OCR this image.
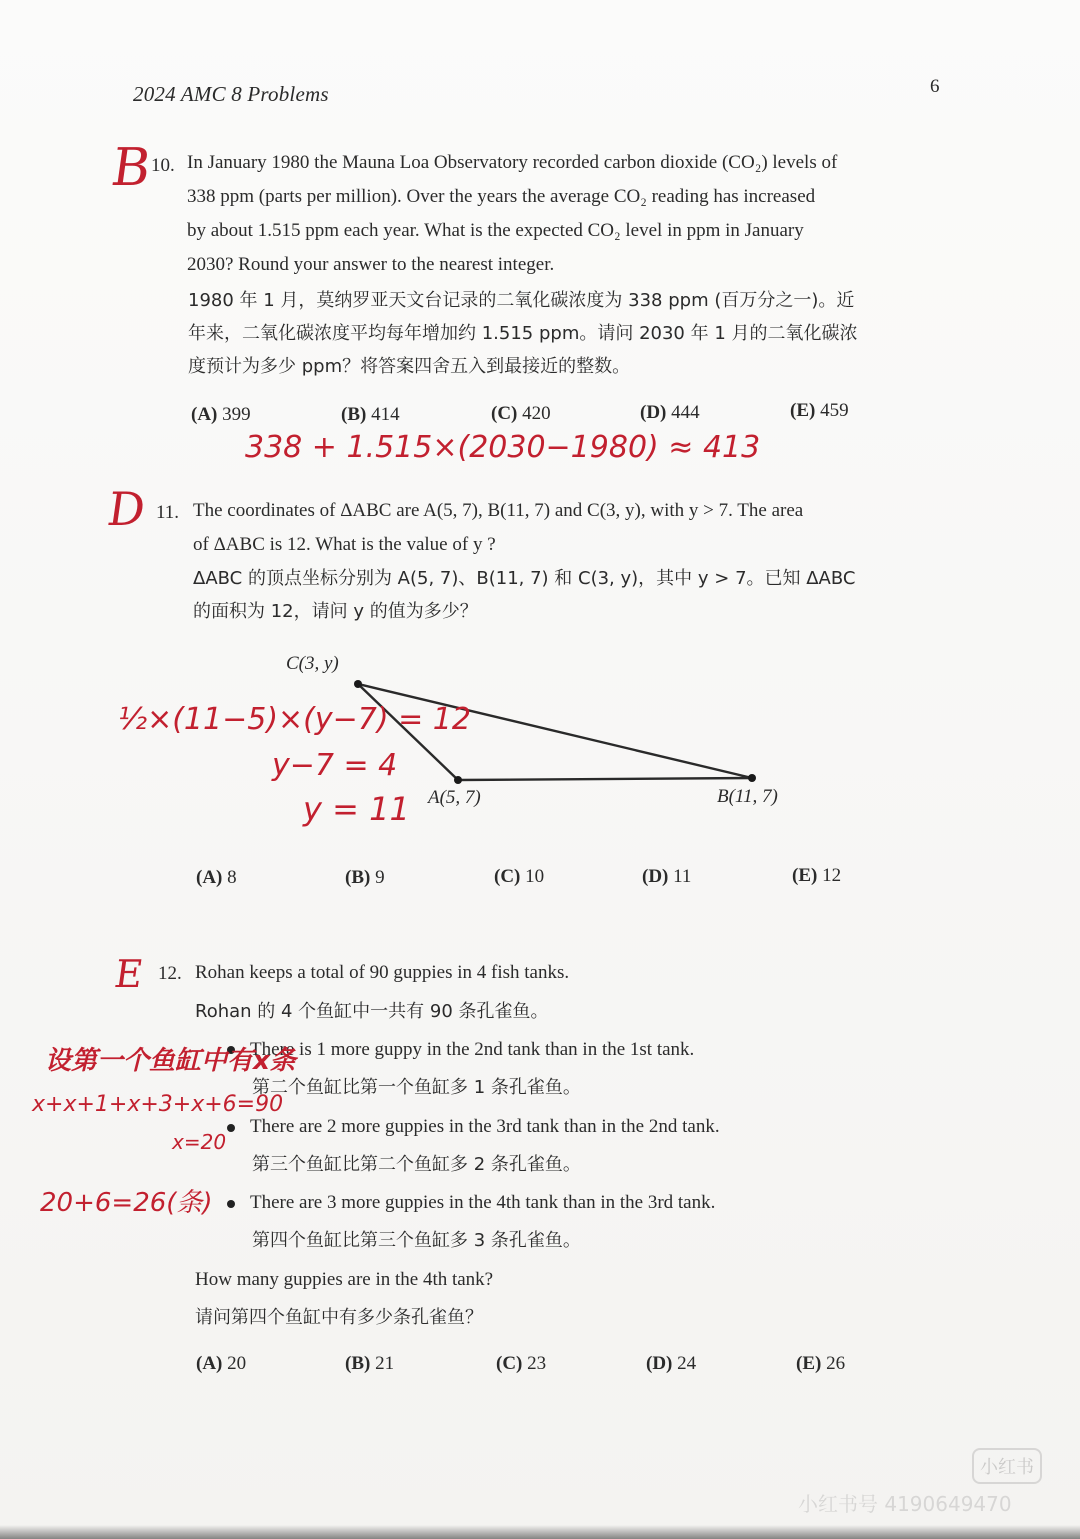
2024 AMC 8 Problems	6
B
10. In January 1980 the Mauna Loa Observatory recorded carbon dioxide (CO₂) levels of
338 ppm (parts per million). Over the years the average CO₂ reading has increased
by about 1.515 ppm each year. What is the expected CO₂ level in ppm in January
2030? Round your answer to the nearest integer.
1980 年 1 月，莫纳罗亚天文台记录的二氧化碳浓度为 338 ppm (百万分之一)。近
年来，二氧化碳浓度平均每年增加约 1.515 ppm。请问 2030 年 1 月的二氧化碳浓
度预计为多少 ppm？将答案四舍五入到最接近的整数。
(A) 399	(B) 414	(C) 420	(D) 444	(E) 459
338 + 1.515×(2030−1980) ≈ 413
D 11. The coordinates of ΔABC are A(5, 7), B(11, 7) and C(3, y), with y > 7. The area
of ΔABC is 12. What is the value of y ?
ΔABC 的顶点坐标分别为 A(5, 7)、B(11, 7) 和 C(3, y)，其中 y > 7。已知 ΔABC
的面积为 12，请问 y 的值为多少？
C(3, y)
A(5, 7)	B(11, 7)
½×(11−5)×(y−7) = 12
y−7 = 4
y = 11
(A) 8	(B) 9	(C) 10	(D) 11	(E) 12
E 12. Rohan keeps a total of 90 guppies in 4 fish tanks.
Rohan 的 4 个鱼缸中一共有 90 条孔雀鱼。
There is 1 more guppy in the 2nd tank than in the 1st tank.
第二个鱼缸比第一个鱼缸多 1 条孔雀鱼。
There are 2 more guppies in the 3rd tank than in the 2nd tank.
第三个鱼缸比第二个鱼缸多 2 条孔雀鱼。
There are 3 more guppies in the 4th tank than in the 3rd tank.
第四个鱼缸比第三个鱼缸多 3 条孔雀鱼。
设第一个鱼缸中有x条
x+x+1+x+3+x+6=90
x=20
20+6=26(条)
How many guppies are in the 4th tank?
请问第四个鱼缸中有多少条孔雀鱼？
(A) 20	(B) 21	(C) 23	(D) 24	(E) 26
小红书
小红书号 4190649470
